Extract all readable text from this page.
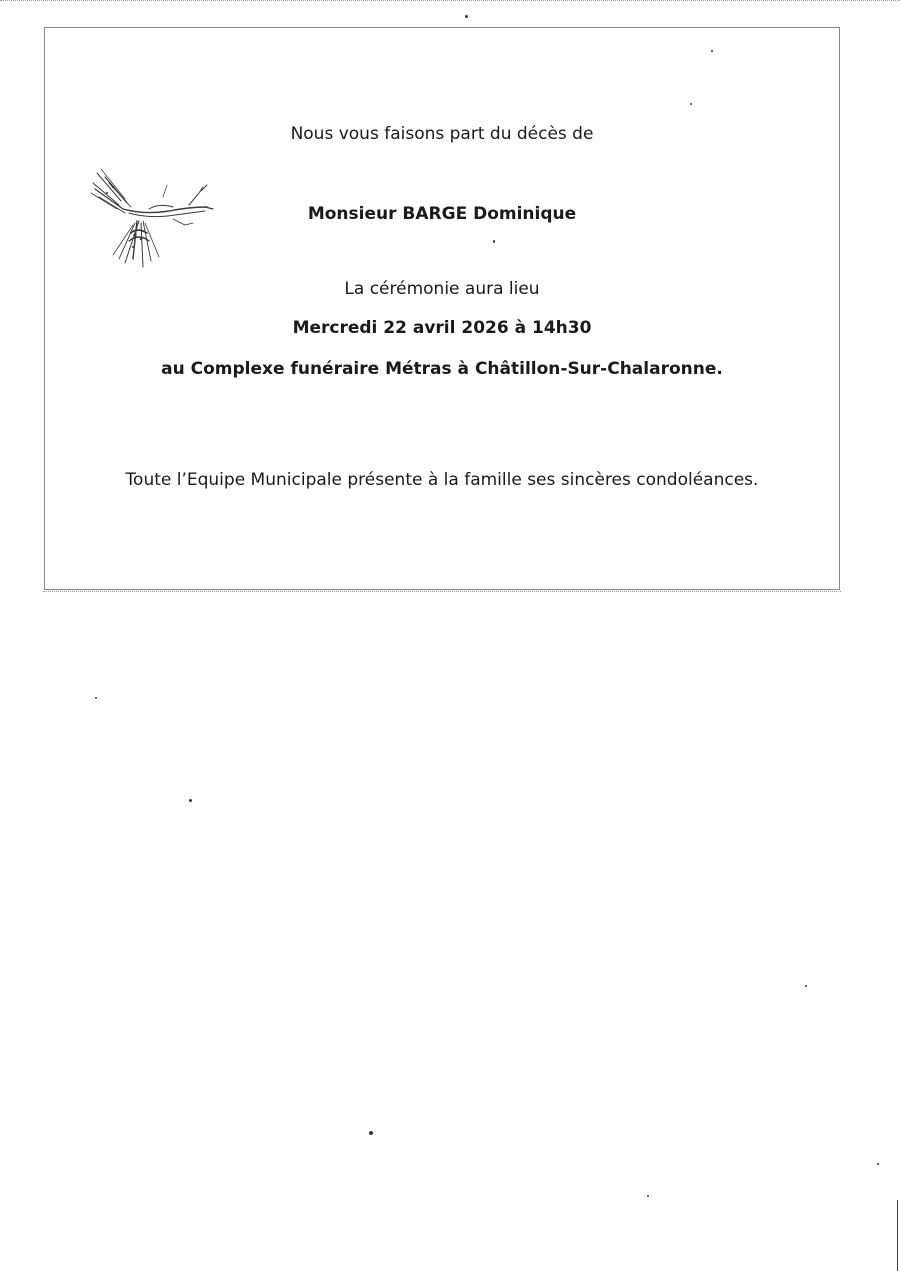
Nous vous faisons part du décès de
Monsieur BARGE Dominique
La cérémonie aura lieu
Mercredi 22 avril 2026 à 14h30
au Complexe funéraire Métras à Châtillon-Sur-Chalaronne.
Toute l’Equipe Municipale présente à la famille ses sincères condoléances.
